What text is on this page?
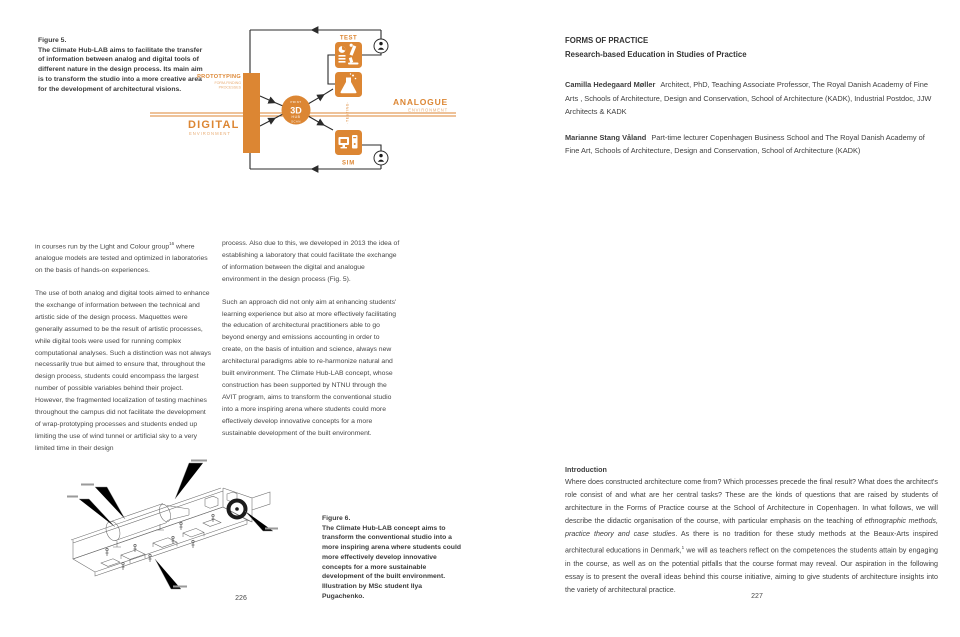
Figure 5.
The Climate Hub-LAB aims to facilitate the transfer of information between analog and digital tools of different nature in the design process. Its main aim is to transform the studio into a more creative area for the development of architectural visions.
PROTOTYPING
FORM-FINDING
PROCESSES
DIGITAL
ENVIRONMENT
ANALOGUE
ENVIRONMENT
PRINT
3D
HUB
SCAN
TEST
·TESTING·
SIM

in courses run by the Light and Colour group$^{16}$ where analogue models are tested and optimized in laboratories on the basis of hands-on experiences.

The use of both analog and digital tools aimed to enhance the exchange of information between the technical and artistic side of the design process. Maquettes were generally assumed to be the result of artistic processes, while digital tools were used for running complex computational analyses. Such a distinction was not always necessarily true but aimed to ensure that, throughout the design process, students could encompass the largest number of possible variables behind their project. However, the fragmented localization of testing machines throughout the campus did not facilitate the development of wrap-prototyping processes and students ended up limiting the use of wind tunnel or artificial sky to a very limited time in their design

process. Also due to this, we developed in 2013 the idea of establishing a laboratory that could facilitate the exchange of information between the digital and analogue environment in the design process (Fig. 5).

Such an approach did not only aim at enhancing students' learning experience but also at more effectively facilitating the education of architectural practitioners able to go beyond energy and emissions accounting in order to create, on the basis of intuition and science, always new architectural paradigms able to re-harmonize natural and built environment. The Climate Hub-LAB concept, whose construction has been supported by NTNU through the AVIT program, aims to transform the conventional studio into a more inspiring arena where students could more effectively develop innovative concepts for a more sustainable development of the built environment.

Figure 6.
The Climate Hub-LAB concept aims to transform the conventional studio into a more inspiring arena where students could more effectively develop innovative concepts for a more sustainable development of the built environment. Illustration by MSc student Ilya Pugachenko.
226
FORMS OF PRACTICE
Research-based Education in Studies of Practice
Camilla Hedegaard Møller Architect, PhD, Teaching Associate Professor, The Royal Danish Academy of Fine Arts , Schools of Architecture, Design and Conservation, School of Architecture (KADK), Industrial Postdoc, JJW Architects & KADK
Marianne Stang Våland Part-time lecturer Copenhagen Business School and The Royal Danish Academy of Fine Art, Schools of Architecture, Design and Conservation, School of Architecture (KADK)
Introduction
Where does constructed architecture come from? Which processes precede the final result? What does the architect's role consist of and what are her central tasks? These are the kinds of questions that are raised by students of architecture in the Forms of Practice course at the School of Architecture in Copenhagen. In what follows, we will describe the didactic organisation of the course, with particular emphasis on the teaching of ethnographic methods, practice theory and case studies. As there is no tradition for these study methods at the Beaux-Arts inspired architectural educations in Denmark,$^1$ we will as teachers reflect on the competences the students attain by engaging in the course, as well as on the potential pitfalls that the course format may reveal. Our aspiration in the following essay is to present the overall ideas behind this course initiative, aiming to give students of architecture insights into the variety of architectural practice.
227
